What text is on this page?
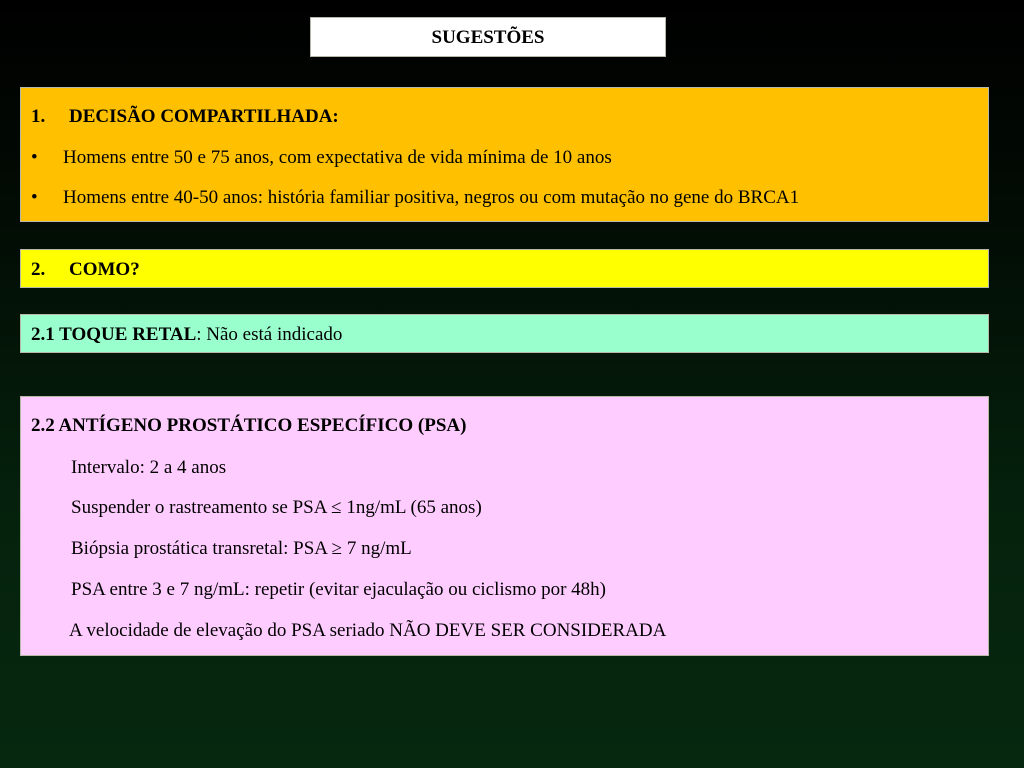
SUGESTÕES
1. DECISÃO COMPARTILHADA:
• Homens entre 50 e 75 anos, com expectativa de vida mínima de 10 anos
• Homens entre 40-50 anos: história familiar positiva, negros ou com mutação no gene do BRCA1
2. COMO?
2.1 TOQUE RETAL: Não está indicado
2.2 ANTÍGENO PROSTÁTICO ESPECÍFICO (PSA)
Intervalo: 2 a 4 anos
Suspender o rastreamento se PSA ≤ 1ng/mL (65 anos)
Biópsia prostática transretal: PSA ≥ 7 ng/mL
PSA entre 3 e 7 ng/mL: repetir (evitar ejaculação ou ciclismo por 48h)
A velocidade de elevação do PSA seriado NÃO DEVE SER CONSIDERADA
